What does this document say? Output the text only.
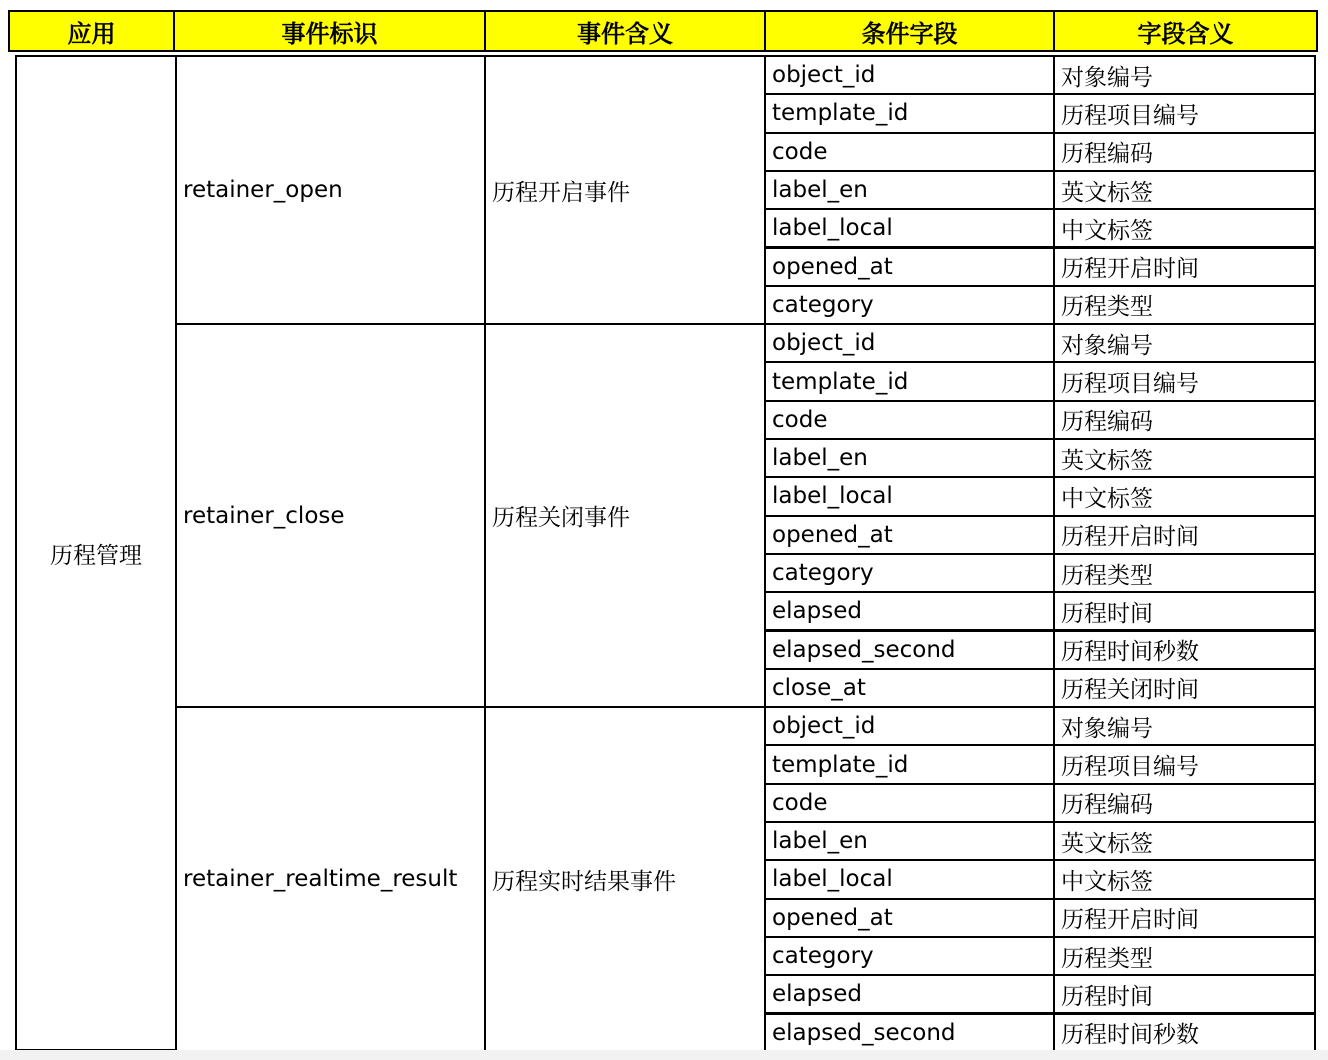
应用	事件标识	事件含义	条件字段	字段含义
历程管理
retainer_open	历程开启事件
object_id	对象编号
template_id	历程项目编号
code	历程编码
label_en	英文标签
label_local	中文标签
opened_at	历程开启时间
category	历程类型
retainer_close	历程关闭事件
object_id	对象编号
template_id	历程项目编号
code	历程编码
label_en	英文标签
label_local	中文标签
opened_at	历程开启时间
category	历程类型
elapsed	历程时间
elapsed_second	历程时间秒数
close_at	历程关闭时间
retainer_realtime_result	历程实时结果事件
object_id	对象编号
template_id	历程项目编号
code	历程编码
label_en	英文标签
label_local	中文标签
opened_at	历程开启时间
category	历程类型
elapsed	历程时间
elapsed_second	历程时间秒数
